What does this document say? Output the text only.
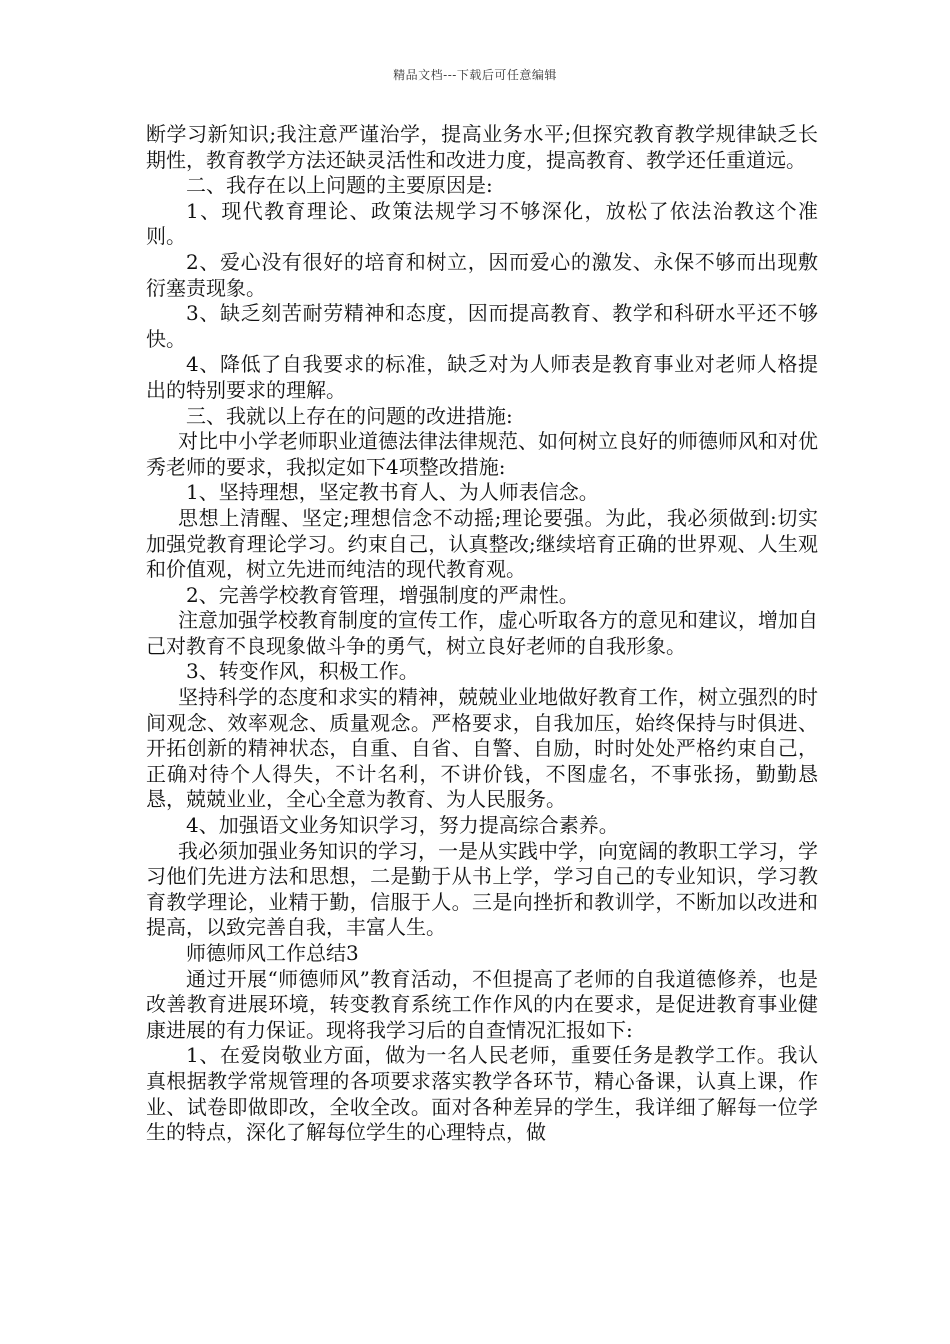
精品文档---下载后可任意编辑

断学习新知识;我注意严谨治学，提高业务水平;但探究教育教学规律缺乏长期性，教育教学方法还缺灵活性和改进力度，提高教育、教学还任重道远。

二、我存在以上问题的主要原因是:

1、现代教育理论、政策法规学习不够深化，放松了依法治教这个准则。

2、爱心没有很好的培育和树立，因而爱心的激发、永保不够而出现敷衍塞责现象。

3、缺乏刻苦耐劳精神和态度，因而提高教育、教学和科研水平还不够快。

4、降低了自我要求的标准，缺乏对为人师表是教育事业对老师人格提出的特别要求的理解。

三、我就以上存在的问题的改进措施:

对比中小学老师职业道德法律法律规范、如何树立良好的师德师风和对优秀老师的要求，我拟定如下4项整改措施:

1、坚持理想，坚定教书育人、为人师表信念。

思想上清醒、坚定;理想信念不动摇;理论要强。为此，我必须做到:切实加强党教育理论学习。约束自己，认真整改;继续培育正确的世界观、人生观和价值观，树立先进而纯洁的现代教育观。

2、完善学校教育管理，增强制度的严肃性。

注意加强学校教育制度的宣传工作，虚心听取各方的意见和建议，增加自己对教育不良现象做斗争的勇气，树立良好老师的自我形象。

3、转变作风，积极工作。

坚持科学的态度和求实的精神，兢兢业业地做好教育工作，树立强烈的时间观念、效率观念、质量观念。严格要求，自我加压，始终保持与时俱进、开拓创新的精神状态，自重、自省、自警、自励，时时处处严格约束自己，正确对待个人得失，不计名利，不讲价钱，不图虚名，不事张扬，勤勤恳恳，兢兢业业，全心全意为教育、为人民服务。

4、加强语文业务知识学习，努力提高综合素养。

我必须加强业务知识的学习，一是从实践中学，向宽阔的教职工学习，学习他们先进方法和思想，二是勤于从书上学，学习自己的专业知识，学习教育教学理论，业精于勤，信服于人。三是向挫折和教训学，不断加以改进和提高，以致完善自我，丰富人生。

师德师风工作总结3

通过开展“师德师风”教育活动，不但提高了老师的自我道德修养，也是改善教育进展环境，转变教育系统工作作风的内在要求，是促进教育事业健康进展的有力保证。现将我学习后的自查情况汇报如下:

1、在爱岗敬业方面，做为一名人民老师，重要任务是教学工作。我认真根据教学常规管理的各项要求落实教学各环节，精心备课，认真上课，作业、试卷即做即改，全收全改。面对各种差异的学生，我详细了解每一位学生的特点，深化了解每位学生的心理特点，做
